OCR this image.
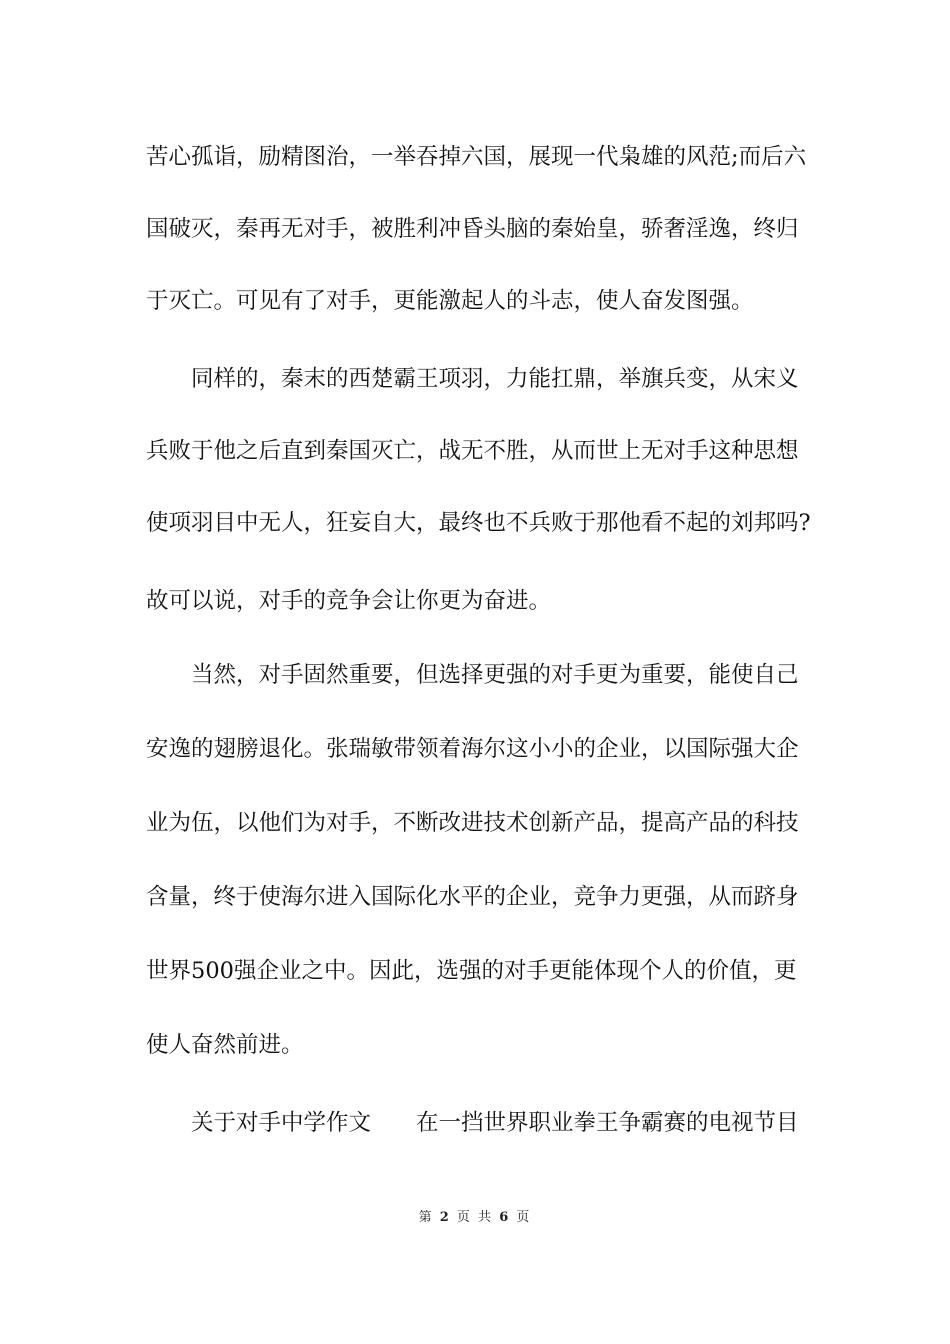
苦心孤诣，励精图治，一举吞掉六国，展现一代枭雄的风范;而后六
国破灭，秦再无对手，被胜利冲昏头脑的秦始皇，骄奢淫逸，终归
于灭亡。可见有了对手，更能激起人的斗志，使人奋发图强。
同样的，秦末的西楚霸王项羽，力能扛鼎，举旗兵变，从宋义
兵败于他之后直到秦国灭亡，战无不胜，从而世上无对手这种思想
使项羽目中无人，狂妄自大，最终也不兵败于那他看不起的刘邦吗?
故可以说，对手的竞争会让你更为奋进。
当然，对手固然重要，但选择更强的对手更为重要，能使自己
安逸的翅膀退化。张瑞敏带领着海尔这小小的企业，以国际强大企
业为伍，以他们为对手，不断改进技术创新产品，提高产品的科技
含量，终于使海尔进入国际化水平的企业，竞争力更强，从而跻身
世界500强企业之中。因此，选强的对手更能体现个人的价值，更
使人奋然前进。
关于对手中学作文　　在一挡世界职业拳王争霸赛的电视节目
第 2 页 共 6 页
